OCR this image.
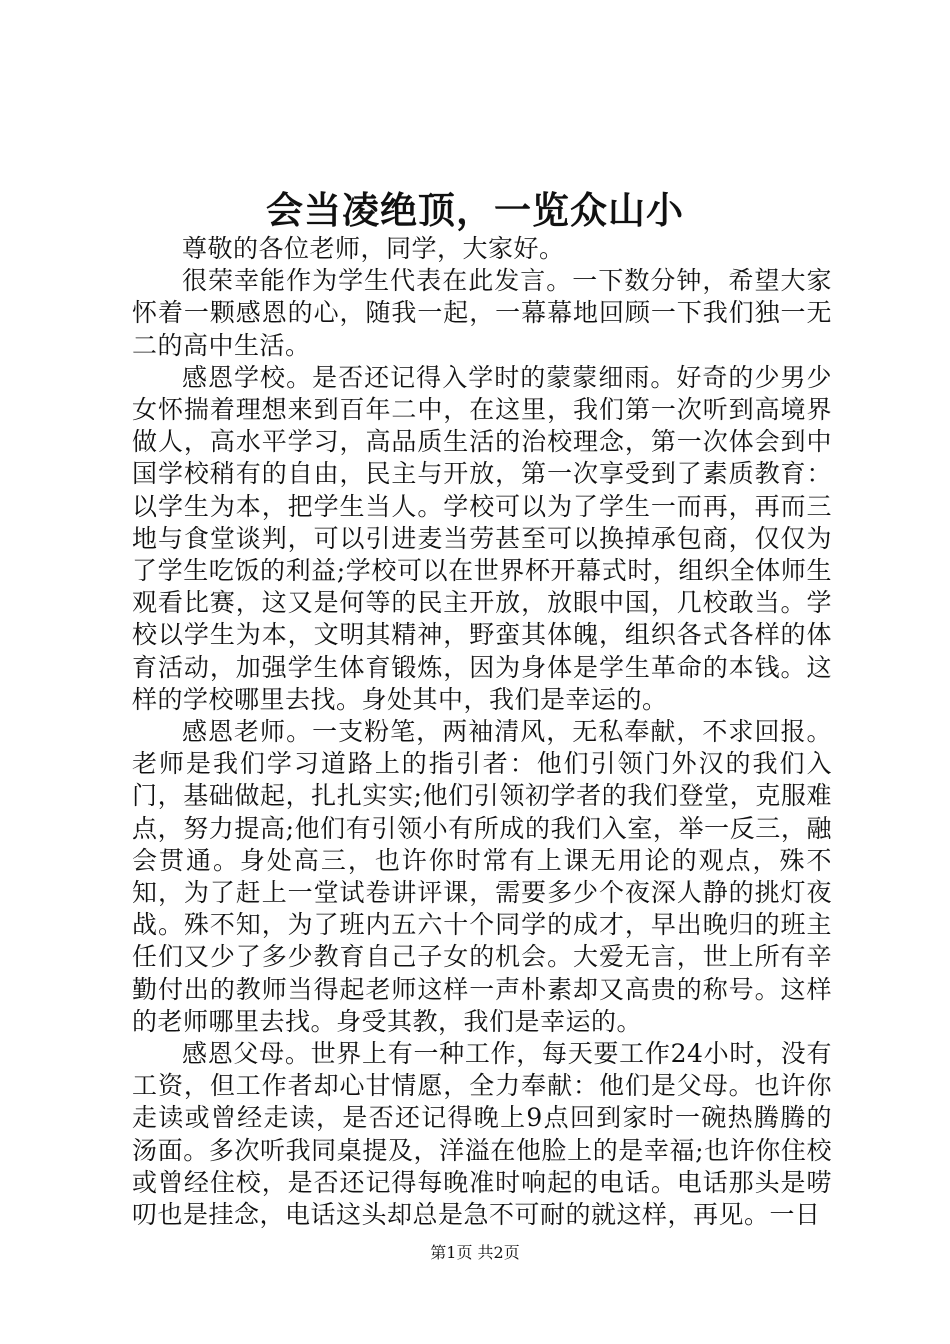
会当凌绝顶，一览众山小

尊敬的各位老师，同学，大家好。

很荣幸能作为学生代表在此发言。一下数分钟，希望大家怀着一颗感恩的心，随我一起，一幕幕地回顾一下我们独一无二的高中生活。

感恩学校。是否还记得入学时的蒙蒙细雨。好奇的少男少女怀揣着理想来到百年二中，在这里，我们第一次听到高境界做人，高水平学习，高品质生活的治校理念，第一次体会到中国学校稍有的自由，民主与开放，第一次享受到了素质教育：以学生为本，把学生当人。学校可以为了学生一而再，再而三地与食堂谈判，可以引进麦当劳甚至可以换掉承包商，仅仅为了学生吃饭的利益;学校可以在世界杯开幕式时，组织全体师生观看比赛，这又是何等的民主开放，放眼中国，几校敢当。学校以学生为本，文明其精神，野蛮其体魄，组织各式各样的体育活动，加强学生体育锻炼，因为身体是学生革命的本钱。这样的学校哪里去找。身处其中，我们是幸运的。

感恩老师。一支粉笔，两袖清风，无私奉献，不求回报。老师是我们学习道路上的指引者：他们引领门外汉的我们入门，基础做起，扎扎实实;他们引领初学者的我们登堂，克服难点，努力提高;他们有引领小有所成的我们入室，举一反三，融会贯通。身处高三，也许你时常有上课无用论的观点，殊不知，为了赶上一堂试卷讲评课，需要多少个夜深人静的挑灯夜战。殊不知，为了班内五六十个同学的成才，早出晚归的班主任们又少了多少教育自己子女的机会。大爱无言，世上所有辛勤付出的教师当得起老师这样一声朴素却又高贵的称号。这样的老师哪里去找。身受其教，我们是幸运的。

感恩父母。世界上有一种工作，每天要工作24小时，没有工资，但工作者却心甘情愿，全力奉献：他们是父母。也许你走读或曾经走读，是否还记得晚上9点回到家时一碗热腾腾的汤面。多次听我同桌提及，洋溢在他脸上的是幸福;也许你住校或曾经住校，是否还记得每晚准时响起的电话。电话那头是唠叨也是挂念，电话这头却总是急不可耐的就这样，再见。一日

第1页 共2页
